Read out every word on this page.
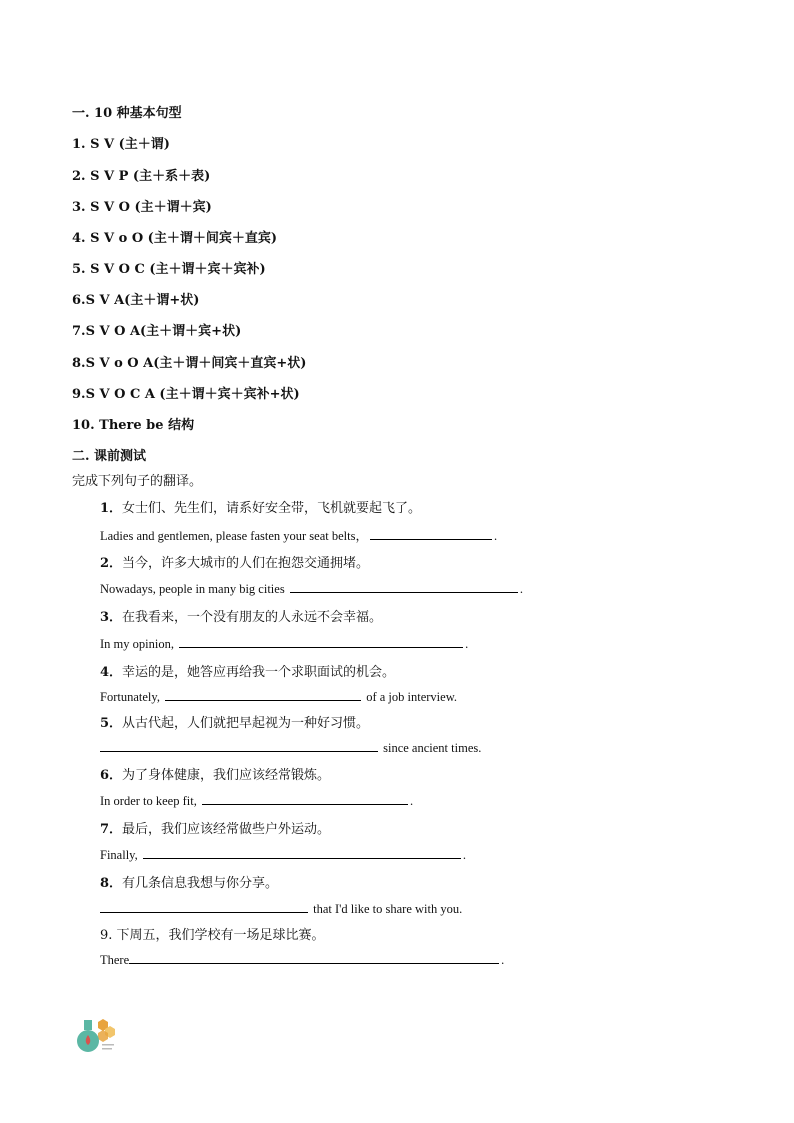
一. 10 种基本句型
1. S V (主＋谓)
2. S V P (主＋系＋表)
3. S V O (主＋谓＋宾)
4. S V o O (主＋谓＋间宾＋直宾)
5. S V O C (主＋谓＋宾＋宾补)
6.S V A(主＋谓+状)
7.S V O A(主＋谓＋宾+状)
8.S V o O A(主＋谓＋间宾＋直宾+状)
9.S V O C A (主＋谓＋宾＋宾补+状)
10. There be 结构
二. 课前测试
完成下列句子的翻译。
1．女士们、先生们，请系好安全带，飞机就要起飞了。
Ladies and gentlemen, please fasten your seat belts，	.
2．当今，许多大城市的人们在抱怨交通拥堵。
Nowadays, people in many big cities	.
3．在我看来，一个没有朋友的人永远不会幸福。
In my opinion,	.
4．幸运的是，她答应再给我一个求职面试的机会。
Fortunately,	of a job interview.
5．从古代起，人们就把早起视为一种好习惯。
since ancient times.
6．为了身体健康，我们应该经常锻炼。
In order to keep fit,	.
7．最后，我们应该经常做些户外运动。
Finally,	.
8．有几条信息我想与你分享。
that I'd like to share with you.
9. 下周五，我们学校有一场足球比赛。
There	.
